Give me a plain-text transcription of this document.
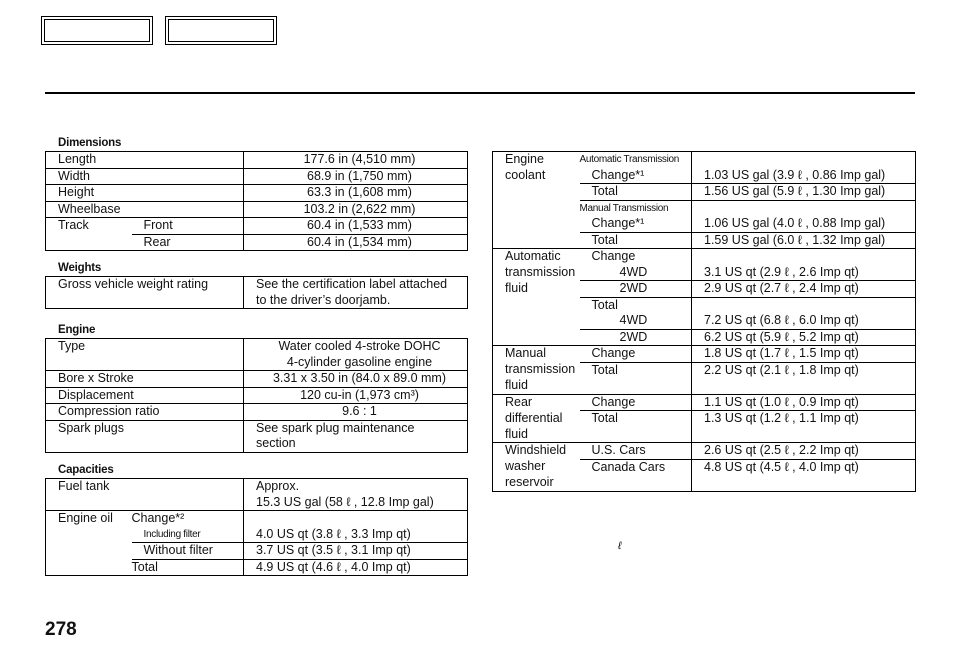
Dimensions
Length		177.6 in (4,510 mm)
Width		68.9 in (1,750 mm)
Height		63.3 in (1,608 mm)
Wheelbase		103.2 in (2,622 mm)
Track	Front	60.4 in (1,533 mm)
	Rear	60.4 in (1,534 mm)
Weights
Gross vehicle weight rating	See the certification label attached
to the driver’s doorjamb.
Engine
Type	Water cooled 4-stroke DOHC
4-cylinder gasoline engine
Bore x Stroke	3.31 x 3.50 in (84.0 x 89.0 mm)
Displacement	120 cu-in (1,973 cm³)
Compression ratio	9.6 : 1
Spark plugs	See spark plug maintenance
section
Capacities
Fuel tank		Approx.
15.3 US gal (58 ℓ , 12.8 Imp gal)
Engine oil	Change*²	
	Including filter	4.0 US qt (3.8 ℓ , 3.3 Imp qt)
	Without filter	3.7 US qt (3.5 ℓ , 3.1 Imp qt)
	Total	4.9 US qt (4.6 ℓ , 4.0 Imp qt)
Engine	Automatic Transmission	
coolant	Change*¹	1.03 US gal (3.9 ℓ , 0.86 Imp gal)
	Total	1.56 US gal (5.9 ℓ , 1.30 Imp gal)
	Manual Transmission	
	Change*¹	1.06 US gal (4.0 ℓ , 0.88 Imp gal)
	Total	1.59 US gal (6.0 ℓ , 1.32 Imp gal)
Automatic	Change	
transmission	4WD	3.1 US qt (2.9 ℓ , 2.6 Imp qt)
fluid	2WD	2.9 US qt (2.7 ℓ , 2.4 Imp qt)
	Total	
	4WD	7.2 US qt (6.8 ℓ , 6.0 Imp qt)
	2WD	6.2 US qt (5.9 ℓ , 5.2 Imp qt)
Manual	Change	1.8 US qt (1.7 ℓ , 1.5 Imp qt)
transmission	Total	2.2 US qt (2.1 ℓ , 1.8 Imp qt)
fluid		
Rear	Change	1.1 US qt (1.0 ℓ , 0.9 Imp qt)
differential	Total	1.3 US qt (1.2 ℓ , 1.1 Imp qt)
fluid		
Windshield	U.S. Cars	2.6 US qt (2.5 ℓ , 2.2 Imp qt)
washer	Canada Cars	4.8 US qt (4.5 ℓ , 4.0 Imp qt)
reservoir		
ℓ
278
